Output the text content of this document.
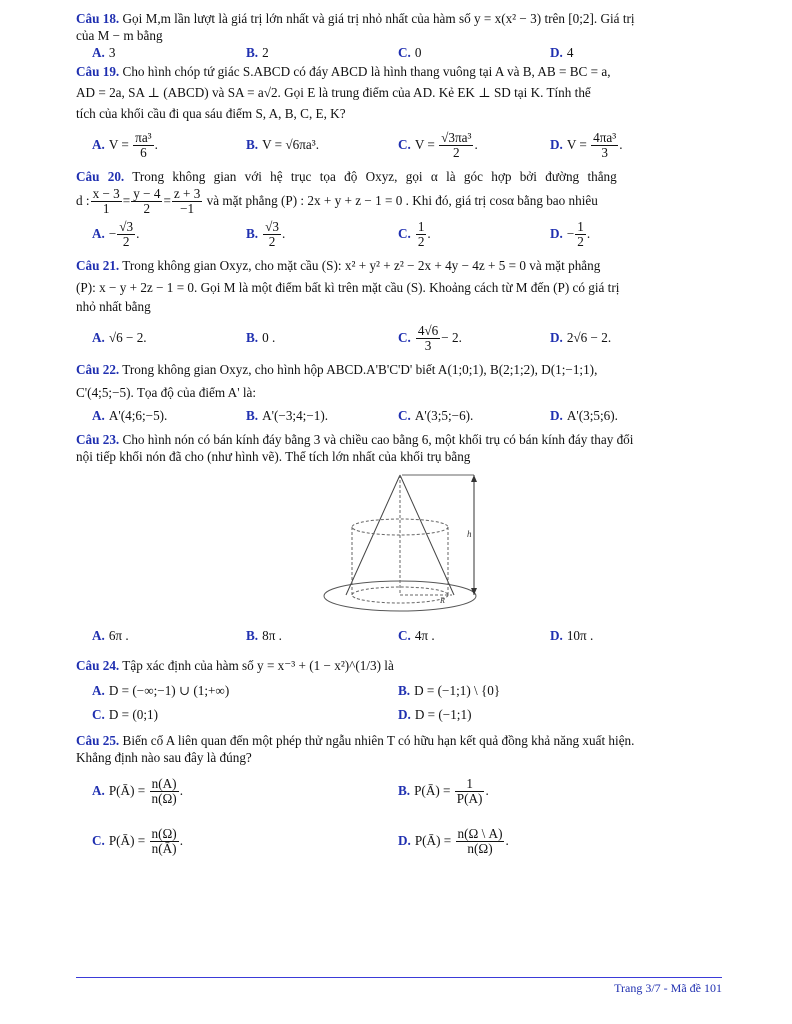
Câu 18. Gọi M,m lần lượt là giá trị lớn nhất và giá trị nhỏ nhất của hàm số y = x(x² − 3) trên [0;2]. Giá trị
của M − m bằng
A. 3	B. 2	C. 0	D. 4
Câu 19. Cho hình chóp tứ giác S.ABCD có đáy ABCD là hình thang vuông tại A và B, AB = BC = a,
AD = 2a, SA ⊥ (ABCD) và SA = a√2. Gọi E là trung điểm của AD. Kẻ EK ⊥ SD tại K. Tính thể
tích của khối cầu đi qua sáu điểm S, A, B, C, E, K?
A. $V = \frac{\text{πa³}}{6}$ .	B. V = √6πa³.	C. $V = \frac{\text{√3πa³}}{2}$ .	D. $V = \frac{\text{4πa³}}{3}$ .
Câu 20. Trong không gian với hệ trục tọa độ Oxyz, gọi α là góc hợp bởi đường thẳng
d : $\frac{x - 3}{1} = \frac{y - 4}{2} = \frac{z + 3}{-1}$ và mặt phẳng (P) : 2x + y + z − 1 = 0 . Khi đó, giá trị cosα bằng bao nhiêu
A. − $\frac{√3}{2}$ .	B. $\frac{√3}{2}$ .	C. $\frac{1}{2}$ .	D. − $\frac{1}{2}$ .
Câu 21. Trong không gian Oxyz, cho mặt cầu (S): x² + y² + z² − 2x + 4y − 4z + 5 = 0 và mặt phẳng
(P): x − y + 2z − 1 = 0. Gọi M là một điểm bất kì trên mặt cầu (S). Khoảng cách từ M đến (P) có giá trị
nhỏ nhất bằng
A. √6 − 2.	B. 0 .	C. $\frac{4√6}{3} - 2$.	D. 2√6 − 2.
Câu 22. Trong không gian Oxyz, cho hình hộp ABCD.A'B'C'D' biết A(1;0;1), B(2;1;2), D(1;−1;1),
C'(4;5;−5). Tọa độ của điểm A' là:
A. A'(4;6;−5).	B. A'(−3;4;−1).	C. A'(3;5;−6).	D. A'(3;5;6).
Câu 23. Cho hình nón có bán kính đáy bằng 3 và chiều cao bằng 6, một khối trụ có bán kính đáy thay đổi
nội tiếp khối nón đã cho (như hình vẽ). Thể tích lớn nhất của khối trụ bằng
h
R
A. 6π .	B. 8π .	C. 4π .	D. 10π .
Câu 24. Tập xác định của hàm số y = x⁻³ + (1 − x²)^(1/3) là
A. D = (−∞;−1) ∪ (1;+∞)	B. D = (−1;1) \ {0}
C. D = (0;1)	D. D = (−1;1)
Câu 25. Biến cố A liên quan đến một phép thử ngẫu nhiên T có hữu hạn kết quả đồng khả năng xuất hiện.
Khẳng định nào sau đây là đúng?
A. P(Ā) = $\frac{n(A)}{n(\Omega)}$ .	B. P(Ā) = $\frac{1}{P(A)}$ .
C. P(Ā) = $\frac{n(\Omega)}{n(Ā)}$ .	D. P(Ā) = $\frac{n(\Omega \backslash A)}{n(\Omega)}$ .
Trang 3/7 - Mã đề 101
